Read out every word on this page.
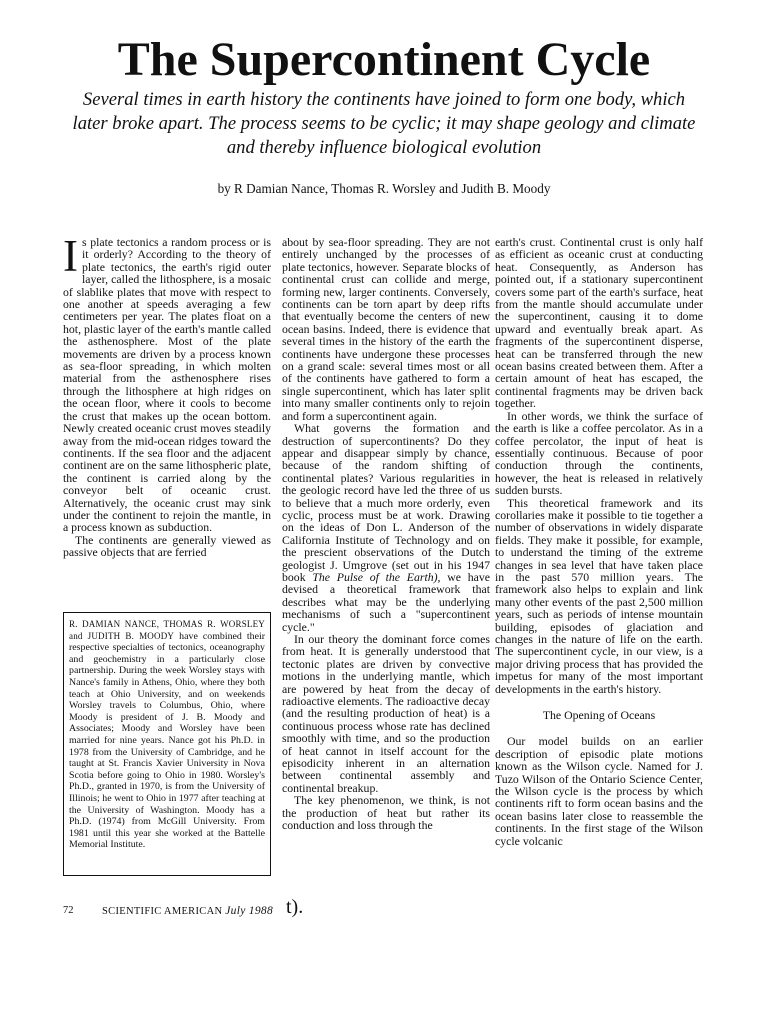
The Supercontinent Cycle
Several times in earth history the continents have joined to form one body, which later broke apart. The process seems to be cyclic; it may shape geology and climate and thereby influence biological evolution
by R Damian Nance, Thomas R. Worsley and Judith B. Moody

Is plate tectonics a random process or is it orderly? According to the theory of plate tectonics, the earth's rigid outer layer, called the lithosphere, is a mosaic of slablike plates that move with respect to one another at speeds averaging a few centimeters per year. The plates float on a hot, plastic layer of the earth's mantle called the asthenosphere. Most of the plate movements are driven by a process known as sea-floor spreading, in which molten material from the asthenosphere rises through the lithosphere at high ridges on the ocean floor, where it cools to become the crust that makes up the ocean bottom. Newly created oceanic crust moves steadily away from the mid-ocean ridges toward the continents. If the sea floor and the adjacent continent are on the same lithospheric plate, the continent is carried along by the conveyor belt of oceanic crust. Alternatively, the oceanic crust may sink under the continent to rejoin the mantle, in a process known as subduction.

The continents are generally viewed as passive objects that are ferried

R. DAMIAN NANCE, THOMAS R. WORSLEY and JUDITH B. MOODY have combined their respective specialties of tectonics, oceanography and geochemistry in a particularly close partnership. During the week Worsley stays with Nance's family in Athens, Ohio, where they both teach at Ohio University, and on weekends Worsley travels to Columbus, Ohio, where Moody is president of J. B. Moody and Associates; Moody and Worsley have been married for nine years. Nance got his Ph.D. in 1978 from the University of Cambridge, and he taught at St. Francis Xavier University in Nova Scotia before going to Ohio in 1980. Worsley's Ph.D., granted in 1970, is from the University of Illinois; he went to Ohio in 1977 after teaching at the University of Washington. Moody has a Ph.D. (1974) from McGill University. From 1981 until this year she worked at the Battelle Memorial Institute.

about by sea-floor spreading. They are not entirely unchanged by the processes of plate tectonics, however. Separate blocks of continental crust can collide and merge, forming new, larger continents. Conversely, continents can be torn apart by deep rifts that eventually become the centers of new ocean basins. Indeed, there is evidence that several times in the history of the earth the continents have undergone these processes on a grand scale: several times most or all of the continents have gathered to form a single supercontinent, which has later split into many smaller continents only to rejoin and form a supercontinent again.

What governs the formation and destruction of supercontinents? Do they appear and disappear simply by chance, because of the random shifting of continental plates? Various regularities in the geologic record have led the three of us to believe that a much more orderly, even cyclic, process must be at work. Drawing on the ideas of Don L. Anderson of the California Institute of Technology and on the prescient observations of the Dutch geologist J. Umgrove (set out in his 1947 book The Pulse of the Earth), we have devised a theoretical framework that describes what may be the underlying mechanisms of such a "supercontinent cycle."

In our theory the dominant force comes from heat. It is generally understood that tectonic plates are driven by convective motions in the underlying mantle, which are powered by heat from the decay of radioactive elements. The radioactive decay (and the resulting production of heat) is a continuous process whose rate has declined smoothly with time, and so the production of heat cannot in itself account for the episodicity inherent in an alternation between continental assembly and continental breakup.

The key phenomenon, we think, is not the production of heat but rather its conduction and loss through the

earth's crust. Continental crust is only half as efficient as oceanic crust at conducting heat. Consequently, as Anderson has pointed out, if a stationary supercontinent covers some part of the earth's surface, heat from the mantle should accumulate under the supercontinent, causing it to dome upward and eventually break apart. As fragments of the supercontinent disperse, heat can be transferred through the new ocean basins created between them. After a certain amount of heat has escaped, the continental fragments may be driven back together.

In other words, we think the surface of the earth is like a coffee percolator. As in a coffee percolator, the input of heat is essentially continuous. Because of poor conduction through the continents, however, the heat is released in relatively sudden bursts.

This theoretical framework and its corollaries make it possible to tie together a number of observations in widely disparate fields. They make it possible, for example, to understand the timing of the extreme changes in sea level that have taken place in the past 570 million years. The framework also helps to explain and link many other events of the past 2,500 million years, such as periods of intense mountain building, episodes of glaciation and changes in the nature of life on the earth. The supercontinent cycle, in our view, is a major driving process that has provided the impetus for many of the most important developments in the earth's history.

The Opening of Oceans

Our model builds on an earlier description of episodic plate motions known as the Wilson cycle. Named for J. Tuzo Wilson of the Ontario Science Center, the Wilson cycle is the process by which continents rift to form ocean basins and the ocean basins later close to reassemble the continents. In the first stage of the Wilson cycle volcanic

72	SCIENTIFIC AMERICAN July 1988 t).
